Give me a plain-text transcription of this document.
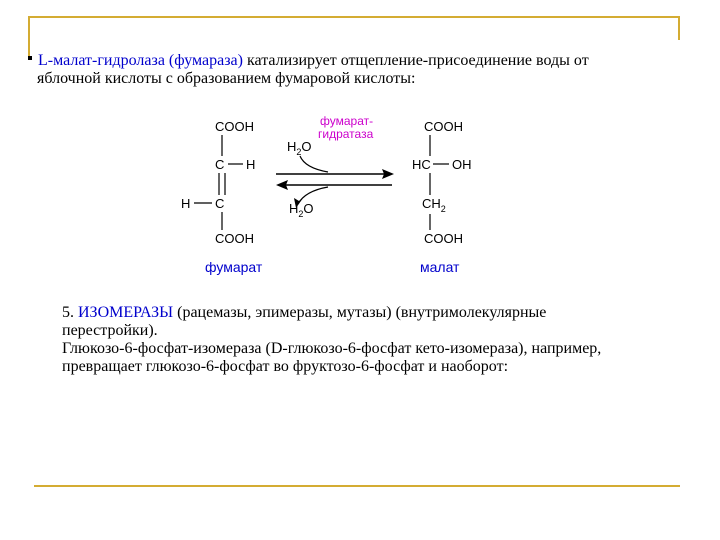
L-малат-гидролаза (фумараза) катализирует отщепление-присоединение воды от
яблочной кислоты с образованием фумаровой кислоты:
COOH
C H
H C
COOH
фумарат
фумарат-
гидратаза
$H_2O$
$H_2O$
COOH
HC OH
$CH_2$
COOH
малат
5. ИЗОМЕРАЗЫ (рацемазы, эпимеразы, мутазы) (внутримолекулярные
перестройки).
Глюкозо-6-фосфат-изомераза (D-глюкозо-6-фосфат кето-изомераза), например,
превращает глюкозо-6-фосфат во фруктозо-6-фосфат и наоборот:
